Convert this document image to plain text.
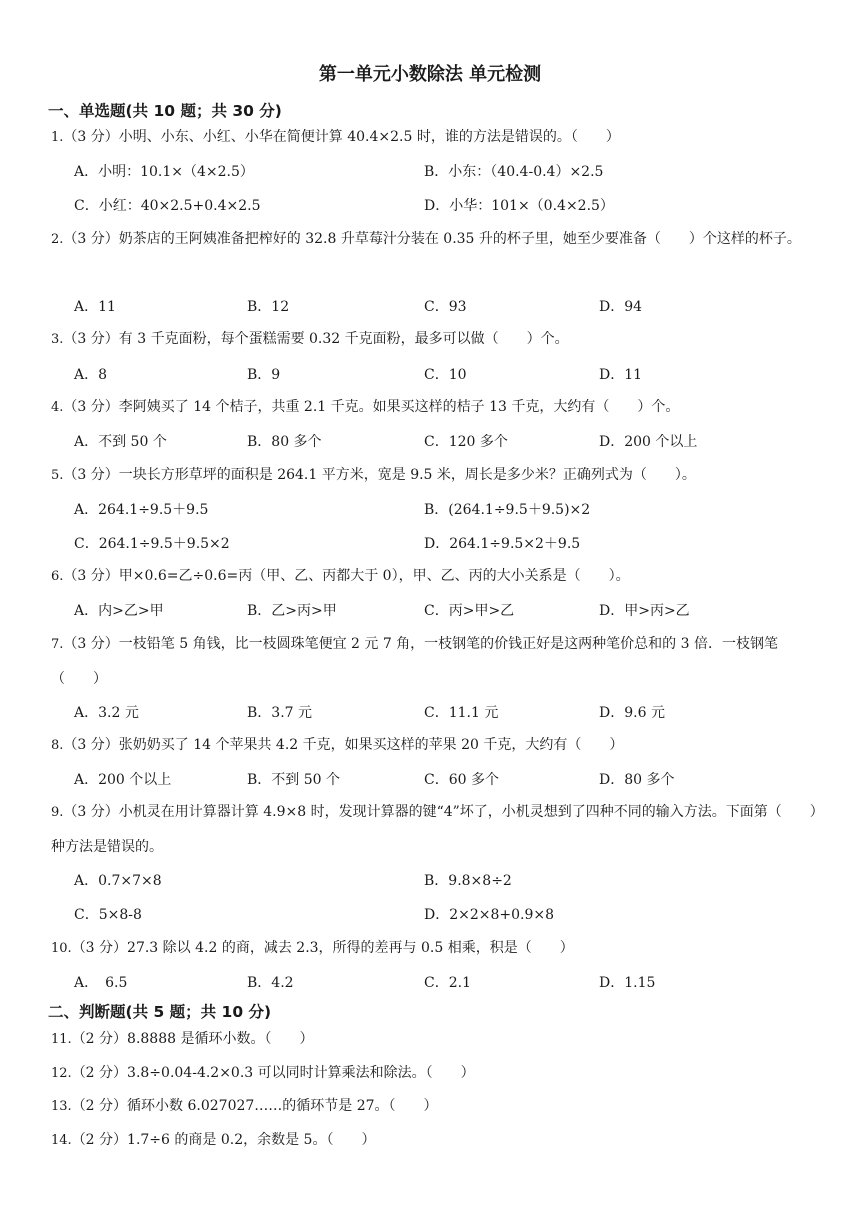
第一单元小数除法 单元检测
一、单选题(共 10 题；共 30 分)
1.（3 分）小明、小东、小红、小华在简便计算 40.4×2.5 时，谁的方法是错误的。（　　）
A．小明：10.1×（4×2.5）	B．小东：（40.4-0.4）×2.5
C．小红：40×2.5+0.4×2.5	D．小华：101×（0.4×2.5）
2.（3 分）奶茶店的王阿姨准备把榨好的 32.8 升草莓汁分装在 0.35 升的杯子里，她至少要准备（　　）个这样的杯子。
A．11	B．12	C．93	D．94
3.（3 分）有 3 千克面粉，每个蛋糕需要 0.32 千克面粉，最多可以做（　　）个。
A．8	B．9	C．10	D．11
4.（3 分）李阿姨买了 14 个桔子，共重 2.1 千克。如果买这样的桔子 13 千克，大约有（　　）个。
A．不到 50 个	B．80 多个	C．120 多个	D．200 个以上
5.（3 分）一块长方形草坪的面积是 264.1 平方米，宽是 9.5 米，周长是多少米？正确列式为（　　）。
A．264.1÷9.5＋9.5	B．(264.1÷9.5＋9.5)×2
C．264.1÷9.5＋9.5×2	D．264.1÷9.5×2＋9.5
6.（3 分）甲×0.6=乙÷0.6=丙（甲、乙、丙都大于 0），甲、乙、丙的大小关系是（　　）。
A．内>乙>甲	B．乙>丙>甲	C．丙>甲>乙	D．甲>丙>乙
7.（3 分）一枝铅笔 5 角钱，比一枝圆珠笔便宜 2 元 7 角，一枝钢笔的价钱正好是这两种笔价总和的 3 倍．一枝钢笔（　　）
A．3.2 元	B．3.7 元	C．11.1 元	D．9.6 元
8.（3 分）张奶奶买了 14 个苹果共 4.2 千克，如果买这样的苹果 20 千克，大约有（　　）
A．200 个以上	B．不到 50 个	C．60 多个	D．80 多个
9.（3 分）小机灵在用计算器计算 4.9×8 时，发现计算器的键“4”坏了，小机灵想到了四种不同的输入方法。下面第（　　）种方法是错误的。
A．0.7×7×8	B．9.8×8÷2
C．5×8-8	D．2×2×8+0.9×8
10.（3 分）27.3 除以 4.2 的商，减去 2.3，所得的差再与 0.5 相乘，积是（　　）
A．　6.5	B．4.2	C．2.1	D．1.15
二、判断题(共 5 题；共 10 分)
11.（2 分）8.8888 是循环小数。（　　）
12.（2 分）3.8÷0.04-4.2×0.3 可以同时计算乘法和除法。（　　）
13.（2 分）循环小数 6.027027……的循环节是 27。（　　）
14.（2 分）1.7÷6 的商是 0.2，余数是 5。（　　）
